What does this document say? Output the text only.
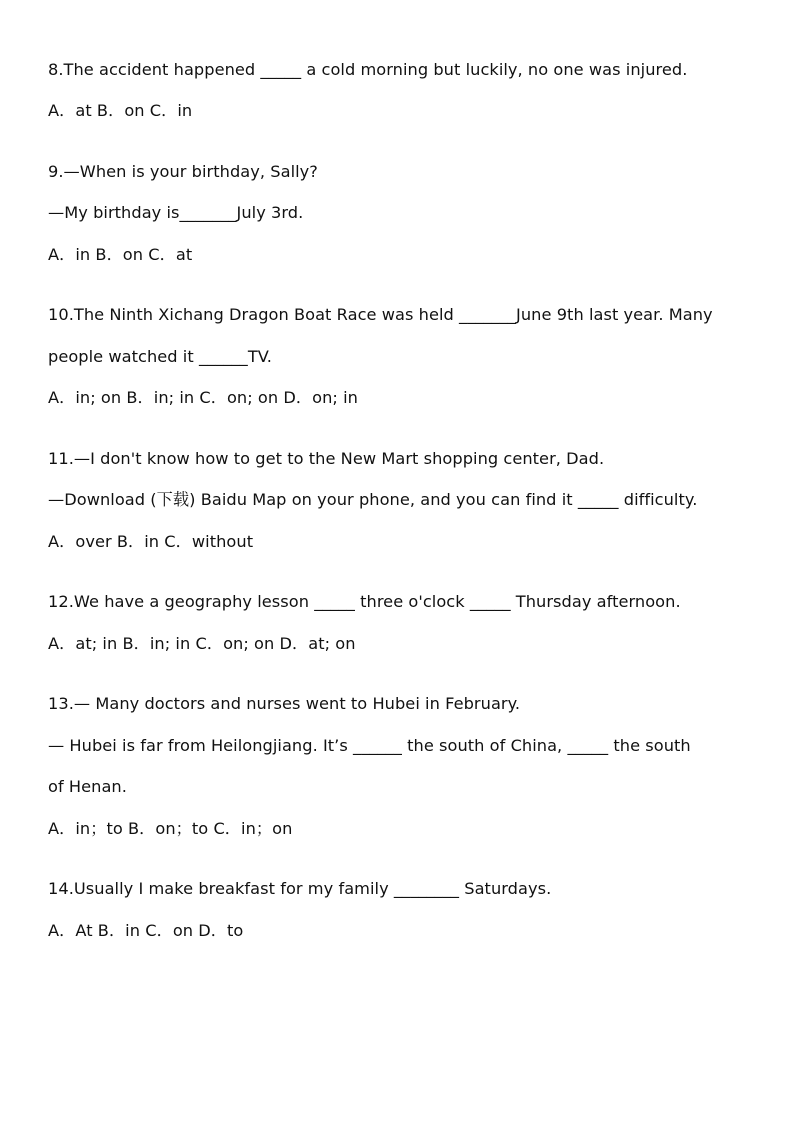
8.The accident happened _____ a cold morning but luckily, no one was injured.

A．at B．on C．in

9.—When is your birthday, Sally?

—My birthday is_______July 3rd.

A．in B．on C．at

10.The Ninth Xichang Dragon Boat Race was held _______June 9th last year. Many

people watched it ______TV.

A．in; on B．in; in C．on; on D．on; in

11.—I don't know how to get to the New Mart shopping center, Dad.

—Download (下载) Baidu Map on your phone, and you can find it _____ difficulty.

A．over B．in C．without

12.We have a geography lesson _____ three o'clock _____ Thursday afternoon.

A．at; in B．in; in C．on; on D．at; on

13.— Many doctors and nurses went to Hubei in February.

— Hubei is far from Heilongjiang. It’s ______ the south of China, _____ the south

of Henan.

A．in；to B．on；to C．in；on

14.Usually I make breakfast for my family ________ Saturdays.

A．At B．in C．on D．to
